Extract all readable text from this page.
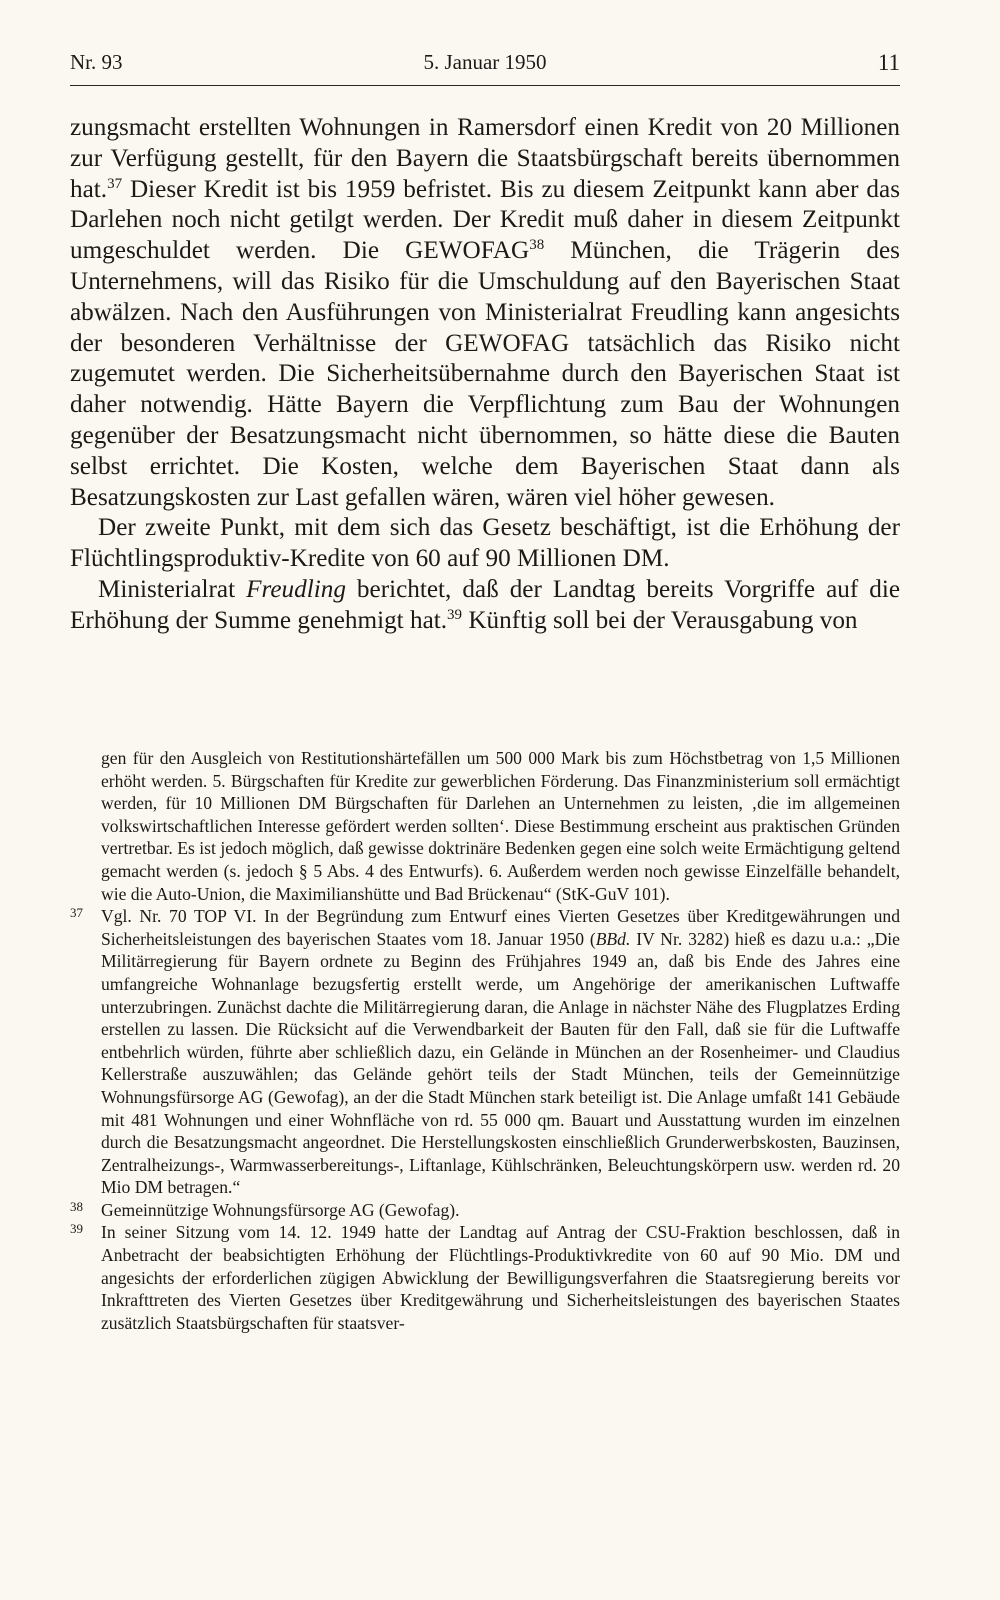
Nr. 93	5. Januar 1950	11

zungsmacht erstellten Wohnungen in Ramersdorf einen Kredit von 20 Millionen zur Verfügung gestellt, für den Bayern die Staatsbürgschaft bereits übernommen hat.$^{37}$ Dieser Kredit ist bis 1959 befristet. Bis zu diesem Zeitpunkt kann aber das Darlehen noch nicht getilgt werden. Der Kredit muß daher in diesem Zeitpunkt umgeschuldet werden. Die GEWOFAG$^{38}$ München, die Trägerin des Unternehmens, will das Risiko für die Umschuldung auf den Bayerischen Staat abwälzen. Nach den Ausführungen von Ministerialrat Freudling kann angesichts der besonderen Verhältnisse der GEWOFAG tatsächlich das Risiko nicht zugemutet werden. Die Sicherheitsübernahme durch den Bayerischen Staat ist daher notwendig. Hätte Bayern die Verpflichtung zum Bau der Wohnungen gegenüber der Besatzungsmacht nicht übernommen, so hätte diese die Bauten selbst errichtet. Die Kosten, welche dem Bayerischen Staat dann als Besatzungskosten zur Last gefallen wären, wären viel höher gewesen.

Der zweite Punkt, mit dem sich das Gesetz beschäftigt, ist die Erhöhung der Flüchtlingsproduktiv-Kredite von 60 auf 90 Millionen DM.

Ministerialrat Freudling berichtet, daß der Landtag bereits Vorgriffe auf die Erhöhung der Summe genehmigt hat.$^{39}$ Künftig soll bei der Verausgabung von

gen für den Ausgleich von Restitutionshärtefällen um 500 000 Mark bis zum Höchstbetrag von 1,5 Millionen erhöht werden. 5. Bürgschaften für Kredite zur gewerblichen Förderung. Das Finanzministerium soll ermächtigt werden, für 10 Millionen DM Bürgschaften für Darlehen an Unternehmen zu leisten, ‚die im allgemeinen volkswirtschaftlichen Interesse gefördert werden sollten‘. Diese Bestimmung erscheint aus praktischen Gründen vertretbar. Es ist jedoch möglich, daß gewisse doktrinäre Bedenken gegen eine solch weite Ermächtigung geltend gemacht werden (s. jedoch § 5 Abs. 4 des Entwurfs). 6. Außerdem werden noch gewisse Einzelfälle behandelt, wie die Auto-Union, die Maximilianshütte und Bad Brückenau“ (StK-GuV 101).

37 Vgl. Nr. 70 TOP VI. In der Begründung zum Entwurf eines Vierten Gesetzes über Kreditgewährungen und Sicherheitsleistungen des bayerischen Staates vom 18. Januar 1950 (BBd. IV Nr. 3282) hieß es dazu u.a.: „Die Militärregierung für Bayern ordnete zu Beginn des Frühjahres 1949 an, daß bis Ende des Jahres eine umfangreiche Wohnanlage bezugsfertig erstellt werde, um Angehörige der amerikanischen Luftwaffe unterzubringen. Zunächst dachte die Militärregierung daran, die Anlage in nächster Nähe des Flugplatzes Erding erstellen zu lassen. Die Rücksicht auf die Verwendbarkeit der Bauten für den Fall, daß sie für die Luftwaffe entbehrlich würden, führte aber schließlich dazu, ein Gelände in München an der Rosenheimer- und Claudius Kellerstraße auszuwählen; das Gelände gehört teils der Stadt München, teils der Gemeinnützige Wohnungsfürsorge AG (Gewofag), an der die Stadt München stark beteiligt ist. Die Anlage umfaßt 141 Gebäude mit 481 Wohnungen und einer Wohnfläche von rd. 55 000 qm. Bauart und Ausstattung wurden im einzelnen durch die Besatzungsmacht angeordnet. Die Herstellungskosten einschließlich Grunderwerbskosten, Bauzinsen, Zentralheizungs-, Warmwasserbereitungs-, Liftanlage, Kühlschränken, Beleuchtungskörpern usw. werden rd. 20 Mio DM betragen.“

38 Gemeinnützige Wohnungsfürsorge AG (Gewofag).

39 In seiner Sitzung vom 14. 12. 1949 hatte der Landtag auf Antrag der CSU-Fraktion beschlossen, daß in Anbetracht der beabsichtigten Erhöhung der Flüchtlings-Produktivkredite von 60 auf 90 Mio. DM und angesichts der erforderlichen zügigen Abwicklung der Bewilligungsverfahren die Staatsregierung bereits vor Inkrafttreten des Vierten Gesetzes über Kreditgewährung und Sicherheitsleistungen des bayerischen Staates zusätzlich Staatsbürgschaften für staatsver-
